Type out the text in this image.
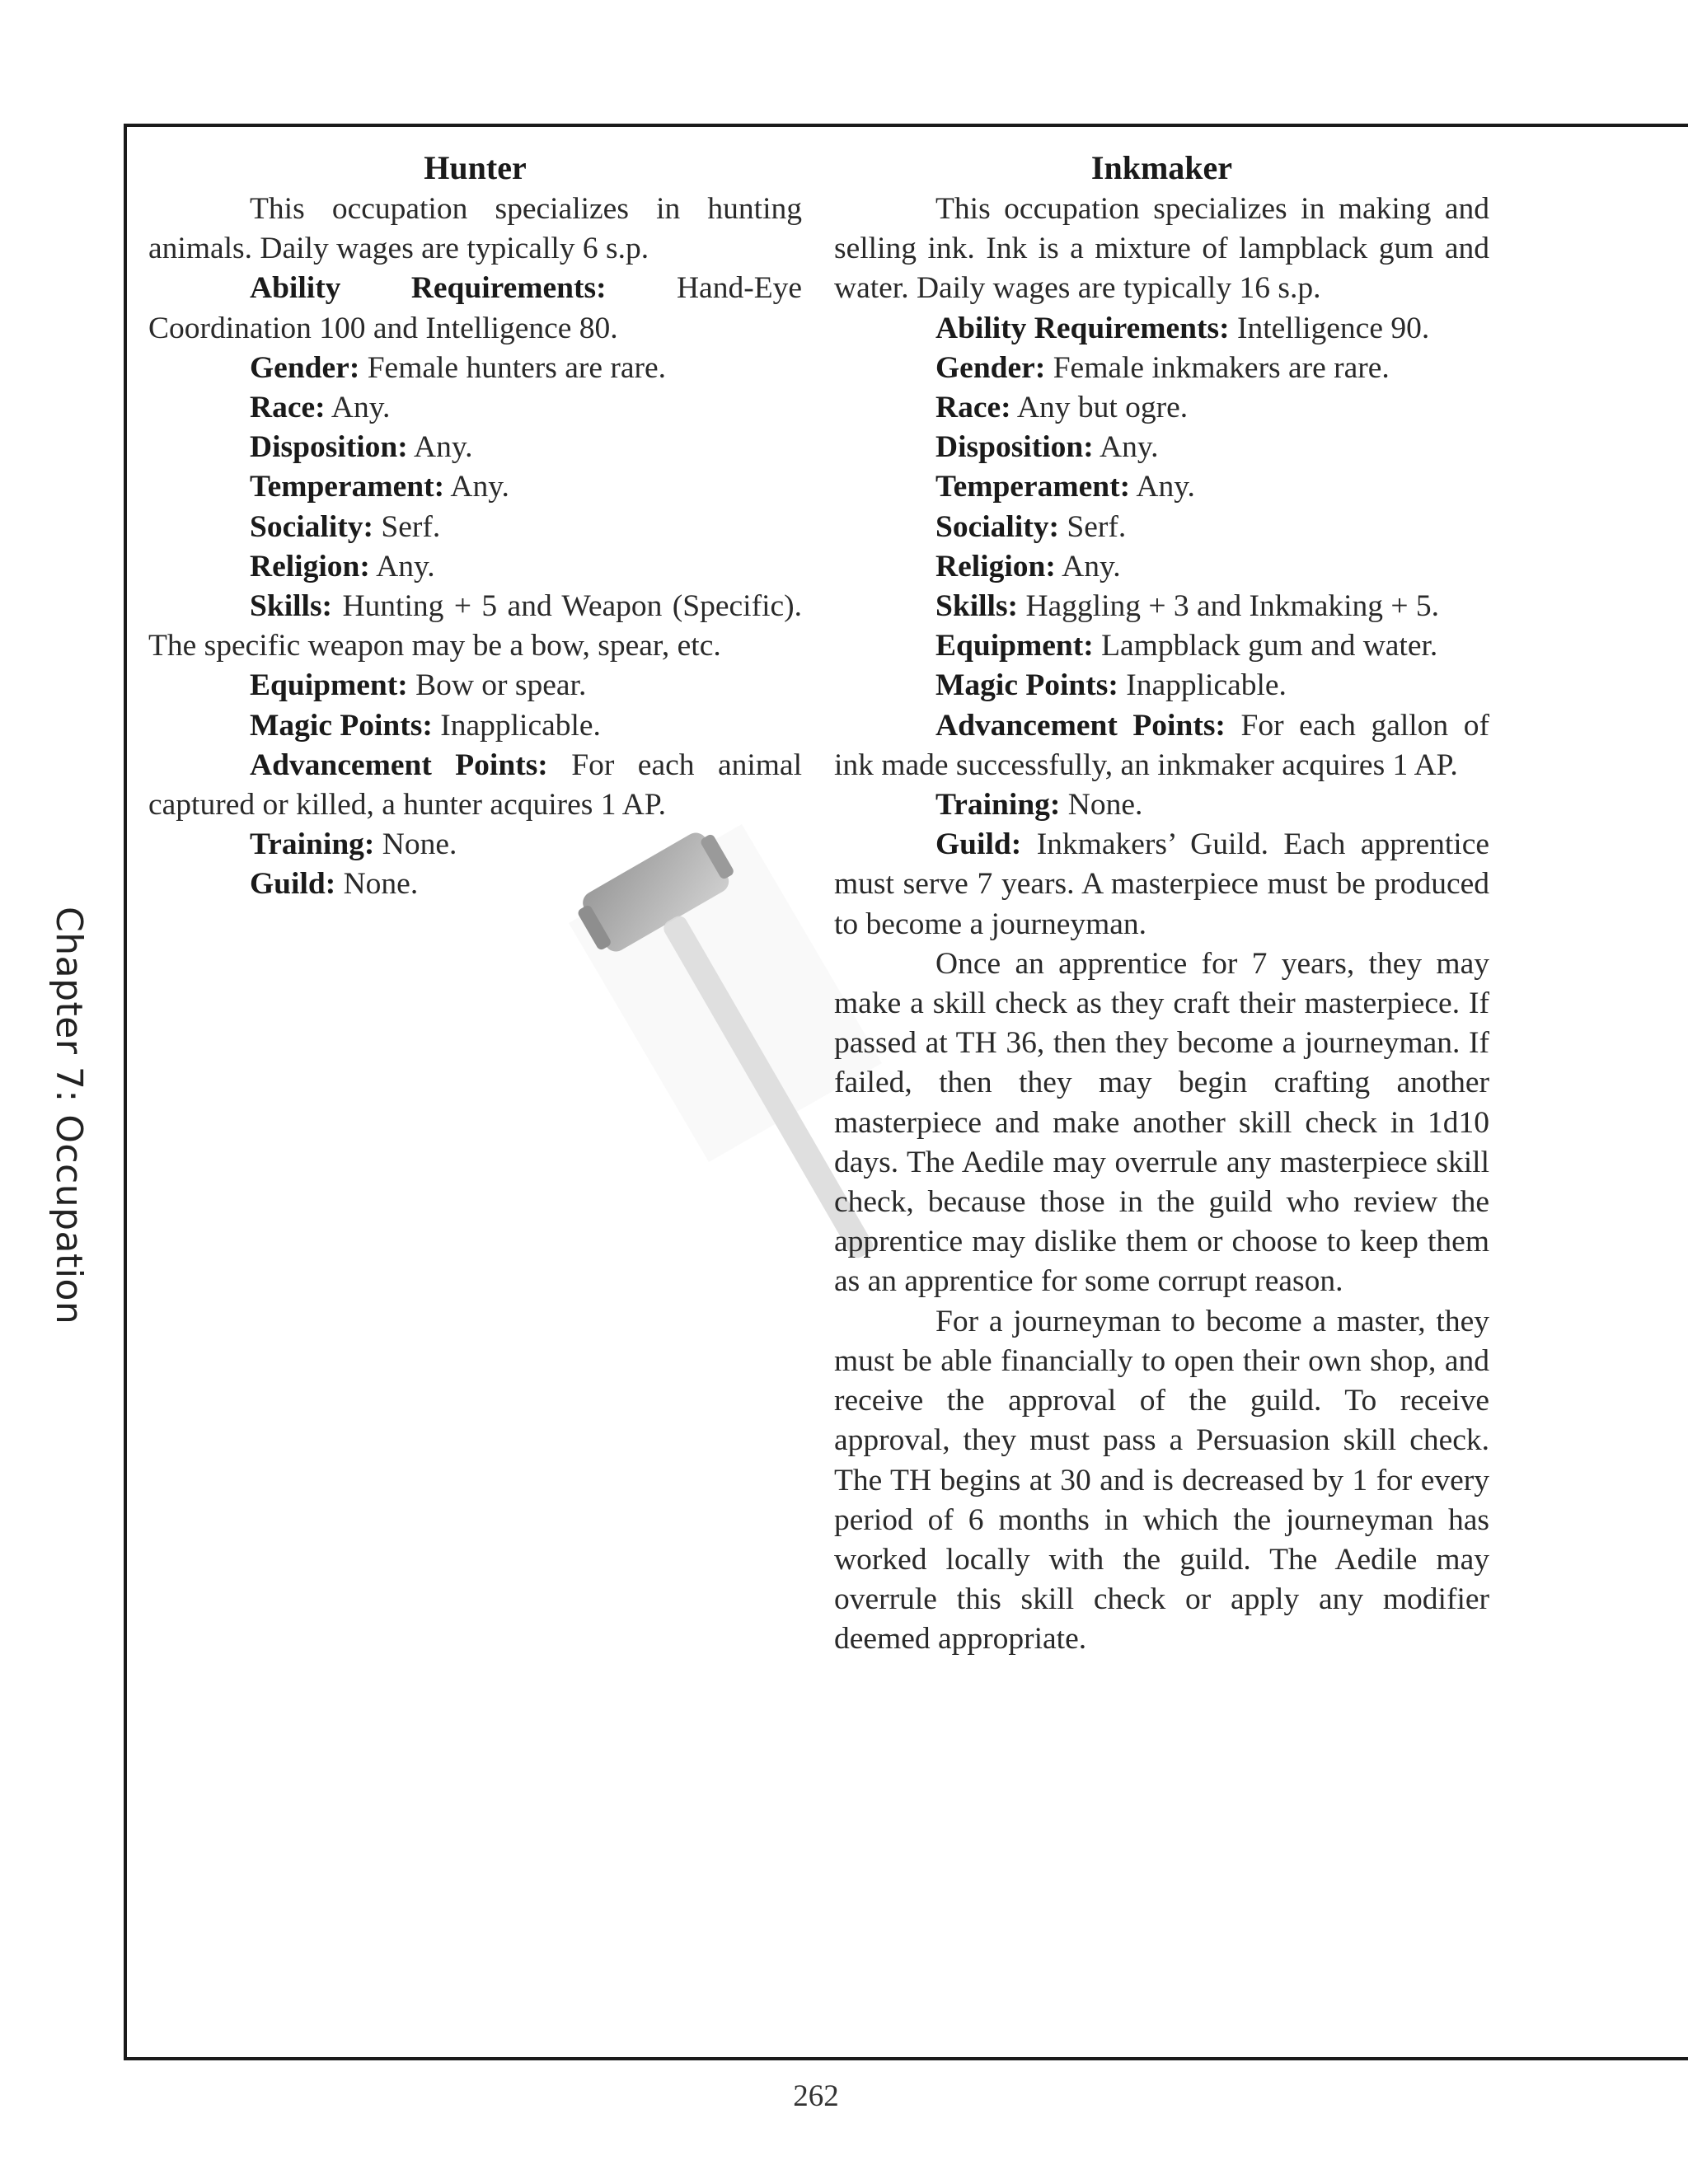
Chapter 7: Occupation
Hunter

This occupation specializes in hunting animals. Daily wages are typically 6 s.p.

Ability Requirements: Hand-Eye Coordination 100 and Intelligence 80.

Gender: Female hunters are rare.

Race: Any.

Disposition: Any.

Temperament: Any.

Sociality: Serf.

Religion: Any.

Skills: Hunting + 5 and Weapon (Specific). The specific weapon may be a bow, spear, etc.

Equipment: Bow or spear.

Magic Points: Inapplicable.

Advancement Points: For each animal captured or killed, a hunter acquires 1 AP.

Training: None.

Guild: None.

Inkmaker

This occupation specializes in making and selling ink. Ink is a mixture of lampblack gum and water. Daily wages are typically 16 s.p.

Ability Requirements: Intelligence 90.

Gender: Female inkmakers are rare.

Race: Any but ogre.

Disposition: Any.

Temperament: Any.

Sociality: Serf.

Religion: Any.

Skills: Haggling + 3 and Inkmaking + 5.

Equipment: Lampblack gum and water.

Magic Points: Inapplicable.

Advancement Points: For each gallon of ink made successfully, an inkmaker acquires 1 AP.

Training: None.

Guild: Inkmakers’ Guild. Each apprentice must serve 7 years. A masterpiece must be produced to become a journeyman.

Once an apprentice for 7 years, they may make a skill check as they craft their masterpiece. If passed at TH 36, then they become a journeyman. If failed, then they may begin crafting another masterpiece and make another skill check in 1d10 days. The Aedile may overrule any masterpiece skill check, because those in the guild who review the apprentice may dislike them or choose to keep them as an apprentice for some corrupt reason.

For a journeyman to become a master, they must be able financially to open their own shop, and receive the approval of the guild. To receive approval, they must pass a Persuasion skill check. The TH begins at 30 and is decreased by 1 for every period of 6 months in which the journeyman has worked locally with the guild. The Aedile may overrule this skill check or apply any modifier deemed appropriate.

262
